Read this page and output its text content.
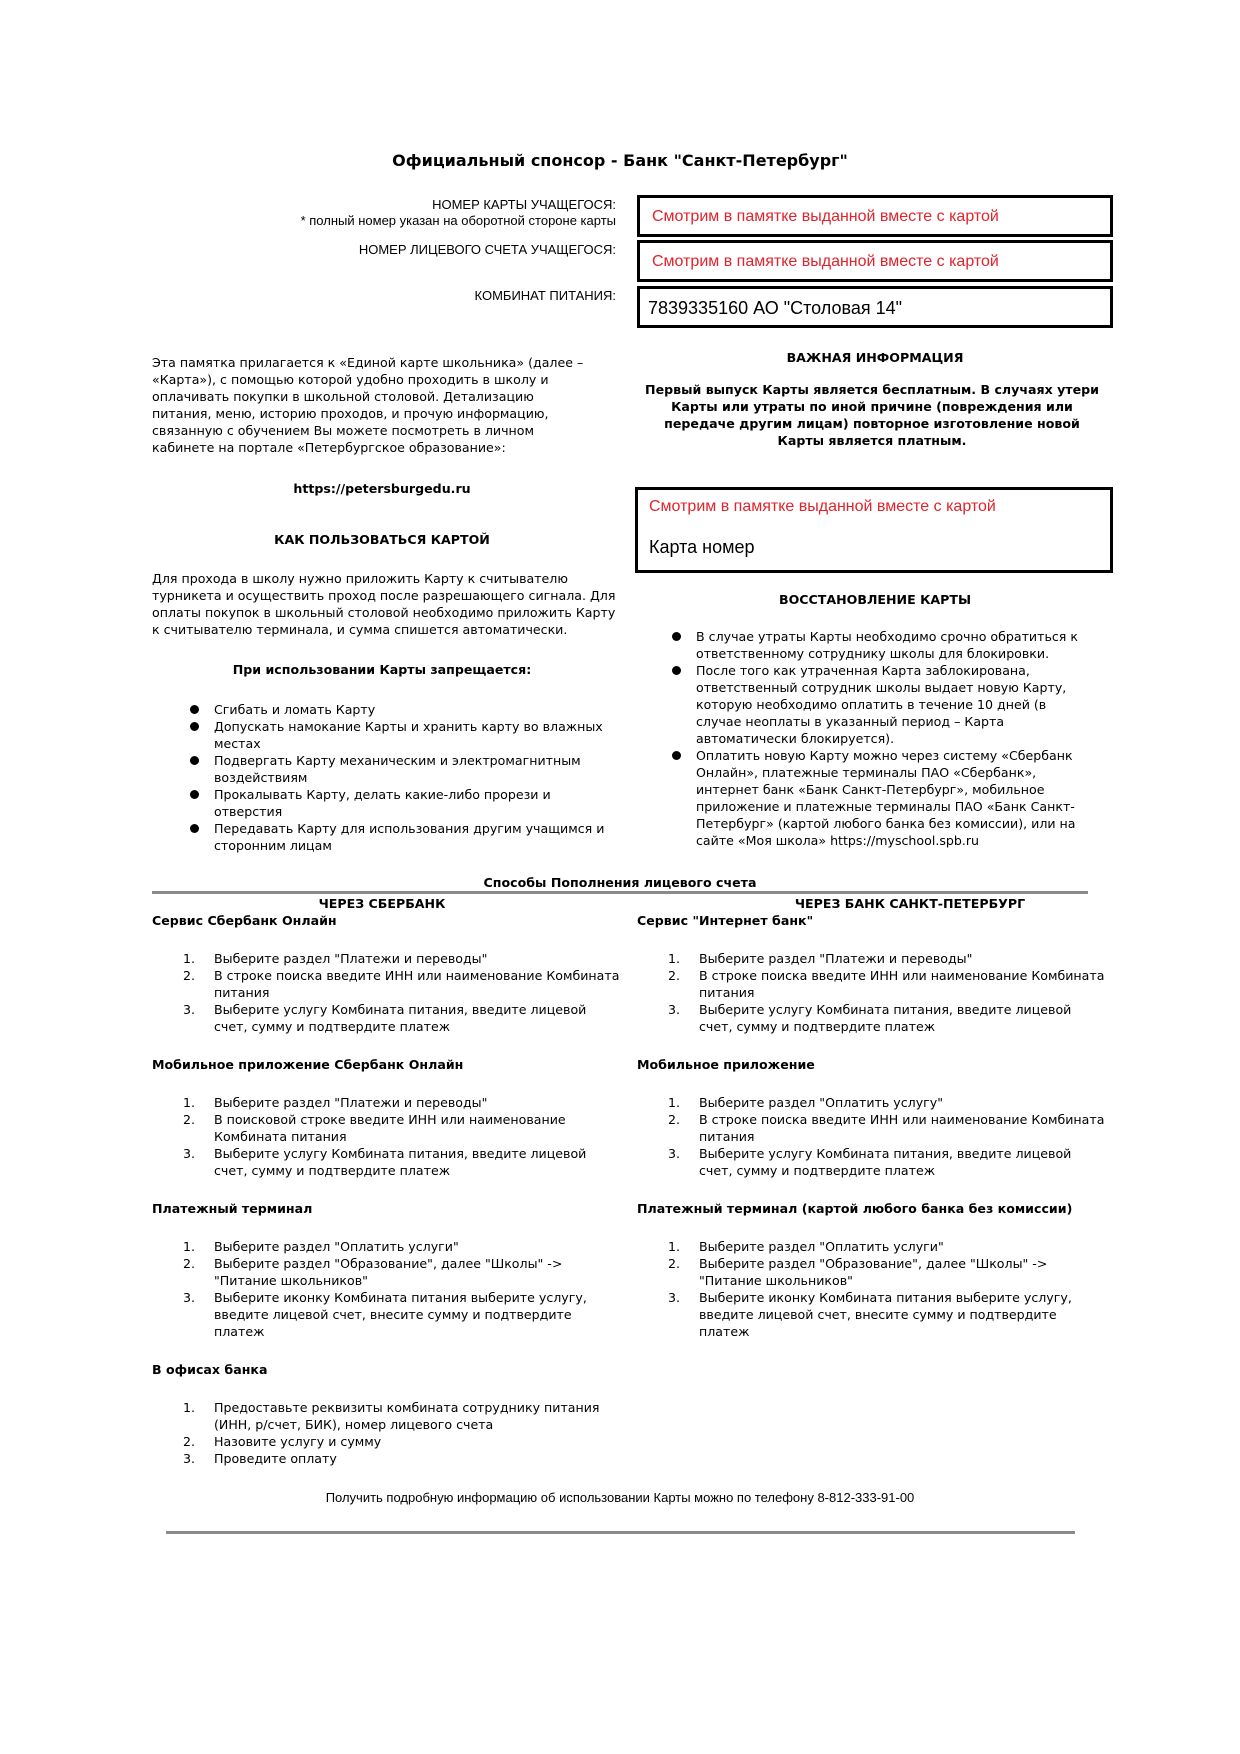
Официальный спонсор - Банк "Санкт-Петербург"
НОМЕР КАРТЫ УЧАЩЕГОСЯ:
* полный номер указан на оборотной стороне карты
НОМЕР ЛИЦЕВОГО СЧЕТА УЧАЩЕГОСЯ:
КОМБИНАТ ПИТАНИЯ:
Смотрим в памятке выданной вместе с картой
Смотрим в памятке выданной вместе с картой
7839335160 АО "Столовая 14"
Эта памятка прилагается к «Единой карте школьника» (далее – «Карта»), с помощью которой удобно проходить в школу и оплачивать покупки в школьной столовой. Детализацию питания, меню, историю проходов, и прочую информацию, связанную с обучением Вы можете посмотреть в личном кабинете на портале «Петербургское образование»:
https://petersburgedu.ru
КАК ПОЛЬЗОВАТЬСЯ КАРТОЙ
Для прохода в школу нужно приложить Карту к считывателю турникета и осуществить проход после разрешающего сигнала. Для оплаты покупок в школьный столовой необходимо приложить Карту к считывателю терминала, и сумма спишется автоматически.
При использовании Карты запрещается:
Сгибать и ломать Карту
Допускать намокание Карты и хранить карту во влажных местах
Подвергать Карту механическим и электромагнитным воздействиям
Прокалывать Карту, делать какие-либо прорези и отверстия
Передавать Карту для использования другим учащимся и сторонним лицам
ВАЖНАЯ ИНФОРМАЦИЯ
Первый выпуск Карты является бесплатным. В случаях утери Карты или утраты по иной причине (повреждения или передаче другим лицам) повторное изготовление новой Карты является платным.
Смотрим в памятке выданной вместе с картой
Карта номер
ВОССТАНОВЛЕНИЕ КАРТЫ
В случае утраты Карты необходимо срочно обратиться к ответственному сотруднику школы для блокировки.
После того как утраченная Карта заблокирована, ответственный сотрудник школы выдает новую Карту, которую необходимо оплатить в течение 10 дней (в случае неоплаты в указанный период – Карта автоматически блокируется).
Оплатить новую Карту можно через систему «Сбербанк Онлайн», платежные терминалы ПАО «Сбербанк», интернет банк «Банк Санкт-Петербург», мобильное приложение и платежные терминалы ПАО «Банк Санкт-Петербург» (картой любого банка без комиссии), или на сайте «Моя школа» https://myschool.spb.ru
Способы Пополнения лицевого счета
ЧЕРЕЗ СБЕРБАНК	ЧЕРЕЗ БАНК САНКТ-ПЕТЕРБУРГ
Сервис Сбербанк Онлайн
1. Выберите раздел "Платежи и переводы"
2. В строке поиска введите ИНН или наименование Комбината питания
3. Выберите услугу Комбината питания, введите лицевой счет, сумму и подтвердите платеж
Мобильное приложение Сбербанк Онлайн
1. Выберите раздел "Платежи и переводы"
2. В поисковой строке введите ИНН или наименование Комбината питания
3. Выберите услугу Комбината питания, введите лицевой счет, сумму и подтвердите платеж
Платежный терминал
1. Выберите раздел "Оплатить услуги"
2. Выберите раздел "Образование", далее "Школы" -> "Питание школьников"
3. Выберите иконку Комбината питания выберите услугу, введите лицевой счет, внесите сумму и подтвердите платеж
В офисах банка
1. Предоставьте реквизиты комбината сотруднику питания (ИНН, р/счет, БИК), номер лицевого счета
2. Назовите услугу и сумму
3. Проведите оплату
Сервис "Интернет банк"
1. Выберите раздел "Платежи и переводы"
2. В строке поиска введите ИНН или наименование Комбината питания
3. Выберите услугу Комбината питания, введите лицевой счет, сумму и подтвердите платеж
Мобильное приложение
1. Выберите раздел "Оплатить услугу"
2. В строке поиска введите ИНН или наименование Комбината питания
3. Выберите услугу Комбината питания, введите лицевой счет, сумму и подтвердите платеж
Платежный терминал (картой любого банка без комиссии)
1. Выберите раздел "Оплатить услуги"
2. Выберите раздел "Образование", далее "Школы" -> "Питание школьников"
3. Выберите иконку Комбината питания выберите услугу, введите лицевой счет, внесите сумму и подтвердите платеж
Получить подробную информацию об использовании Карты можно по телефону 8-812-333-91-00
